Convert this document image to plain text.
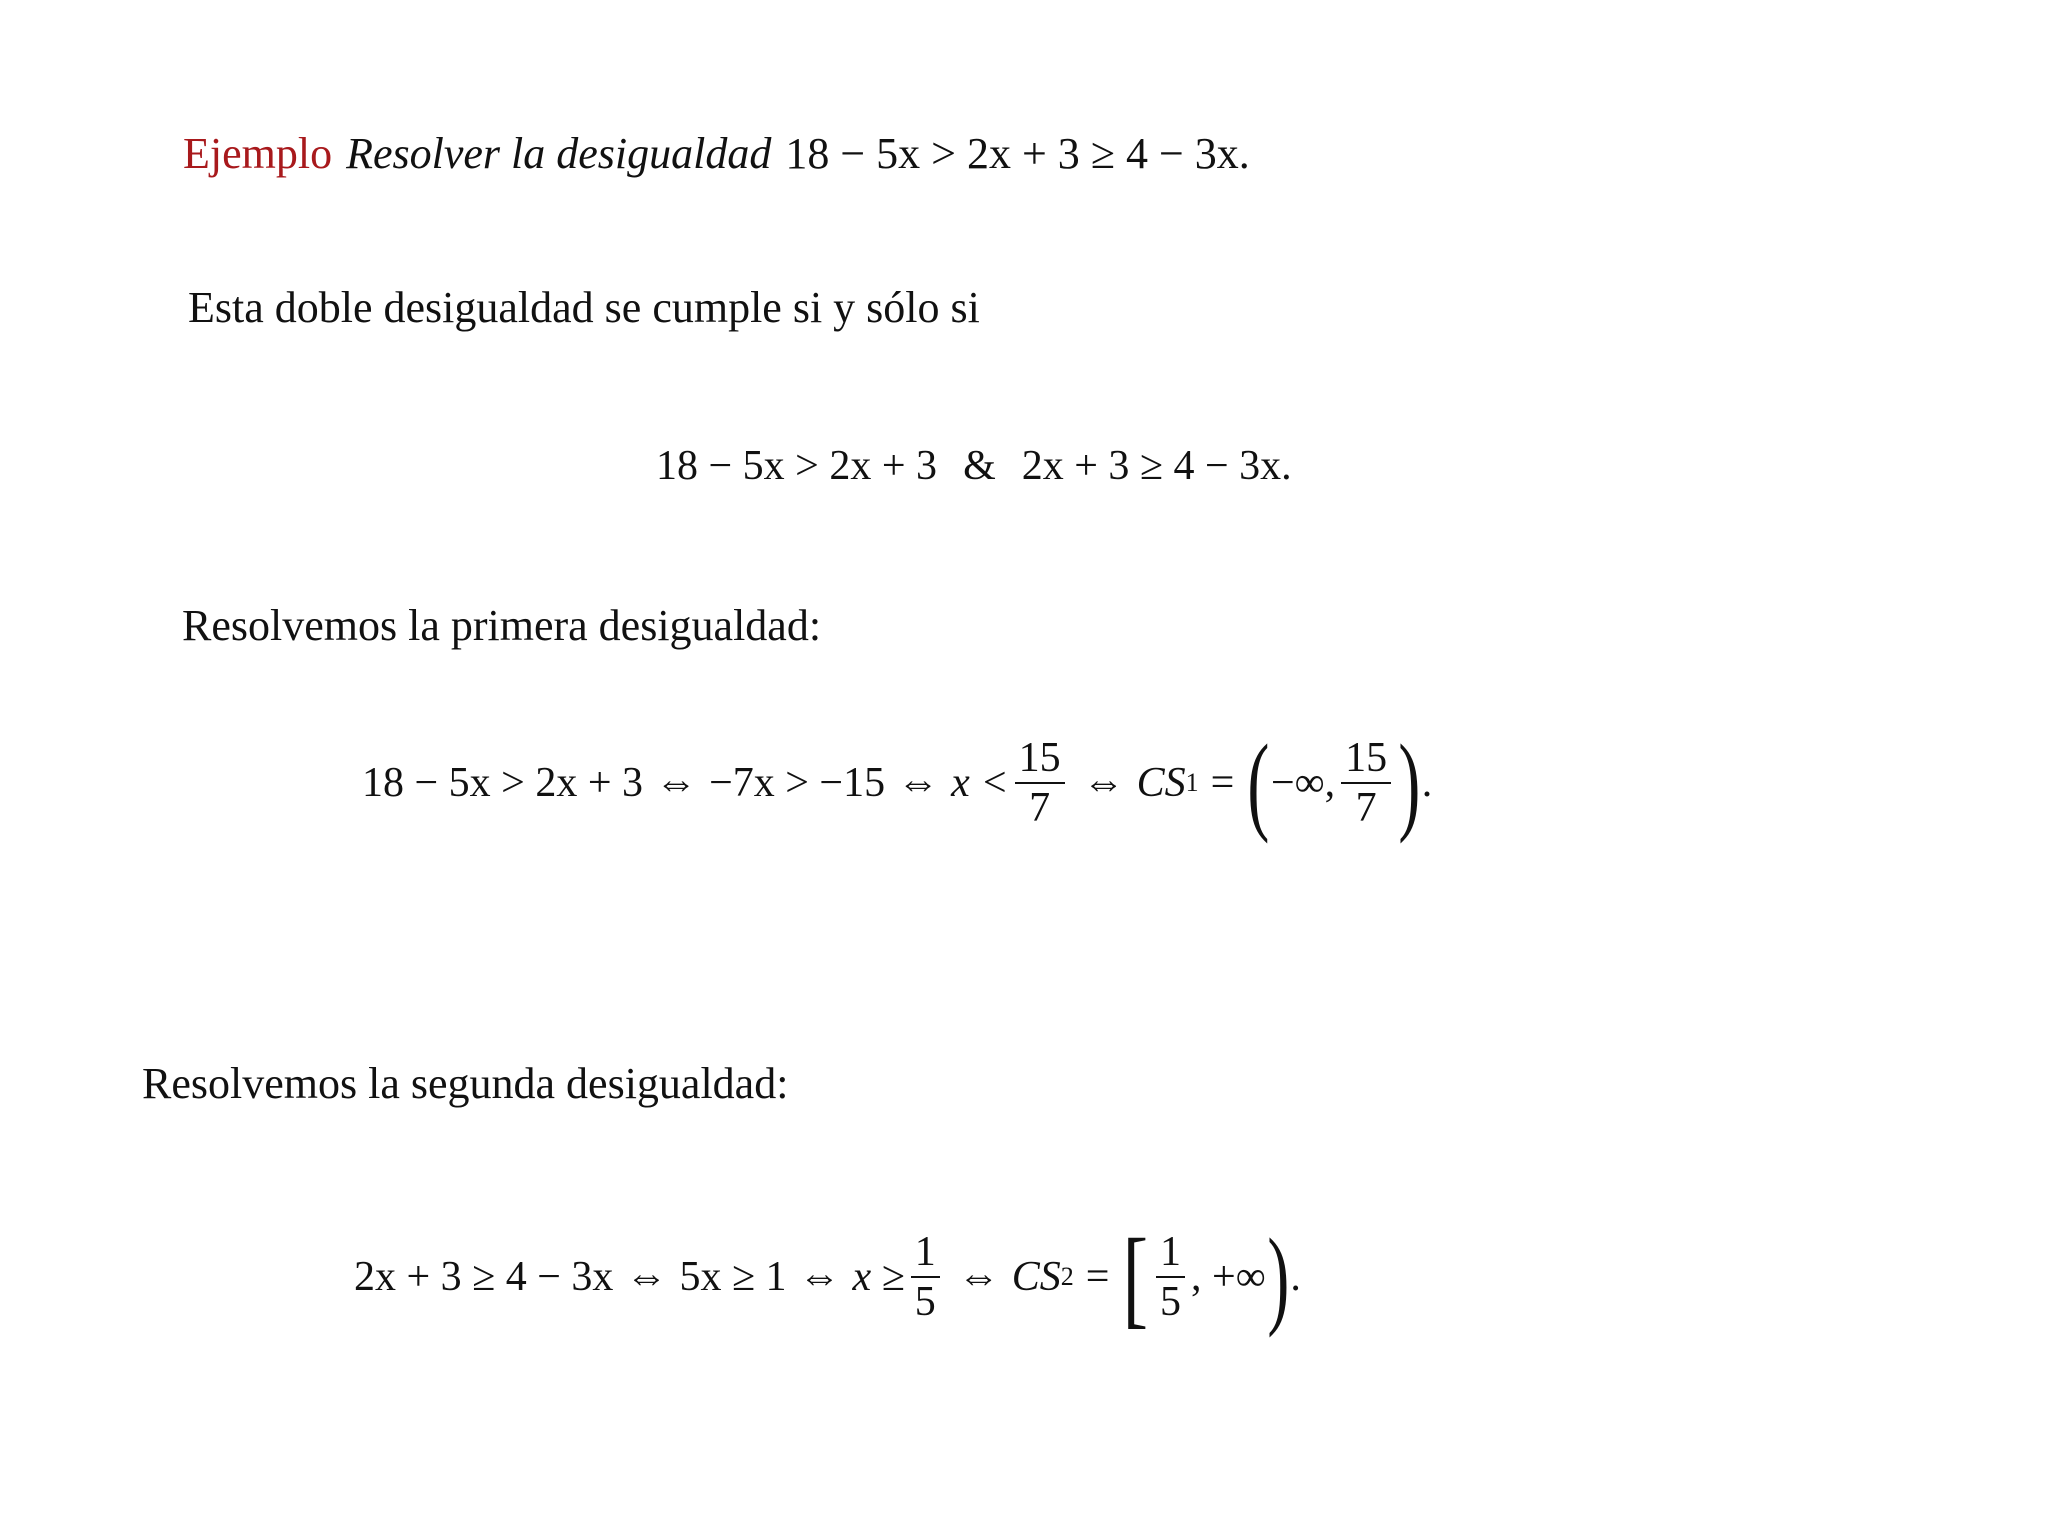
Ejemplo Resolver la desigualdad 18 − 5x > 2x + 3 ≥ 4 − 3x.
Esta doble desigualdad se cumple si y sólo si
18 − 5x > 2x + 3 & 2x + 3 ≥ 4 − 3x.
Resolvemos la primera desigualdad:
18 − 5x > 2x + 3 ⇔ −7x > −15 ⇔ $x < \frac{15}{7}$ ⇔ CS 1 = ( −∞, $\frac{15}{7}$ ) .
Resolvemos la segunda desigualdad:
2x + 3 ≥ 4 − 3x ⇔ 5x ≥ 1 ⇔ $x \ge \frac{1}{5}$ ⇔ CS 2 = [ $\frac{1}{5}$ , +∞ ) .
